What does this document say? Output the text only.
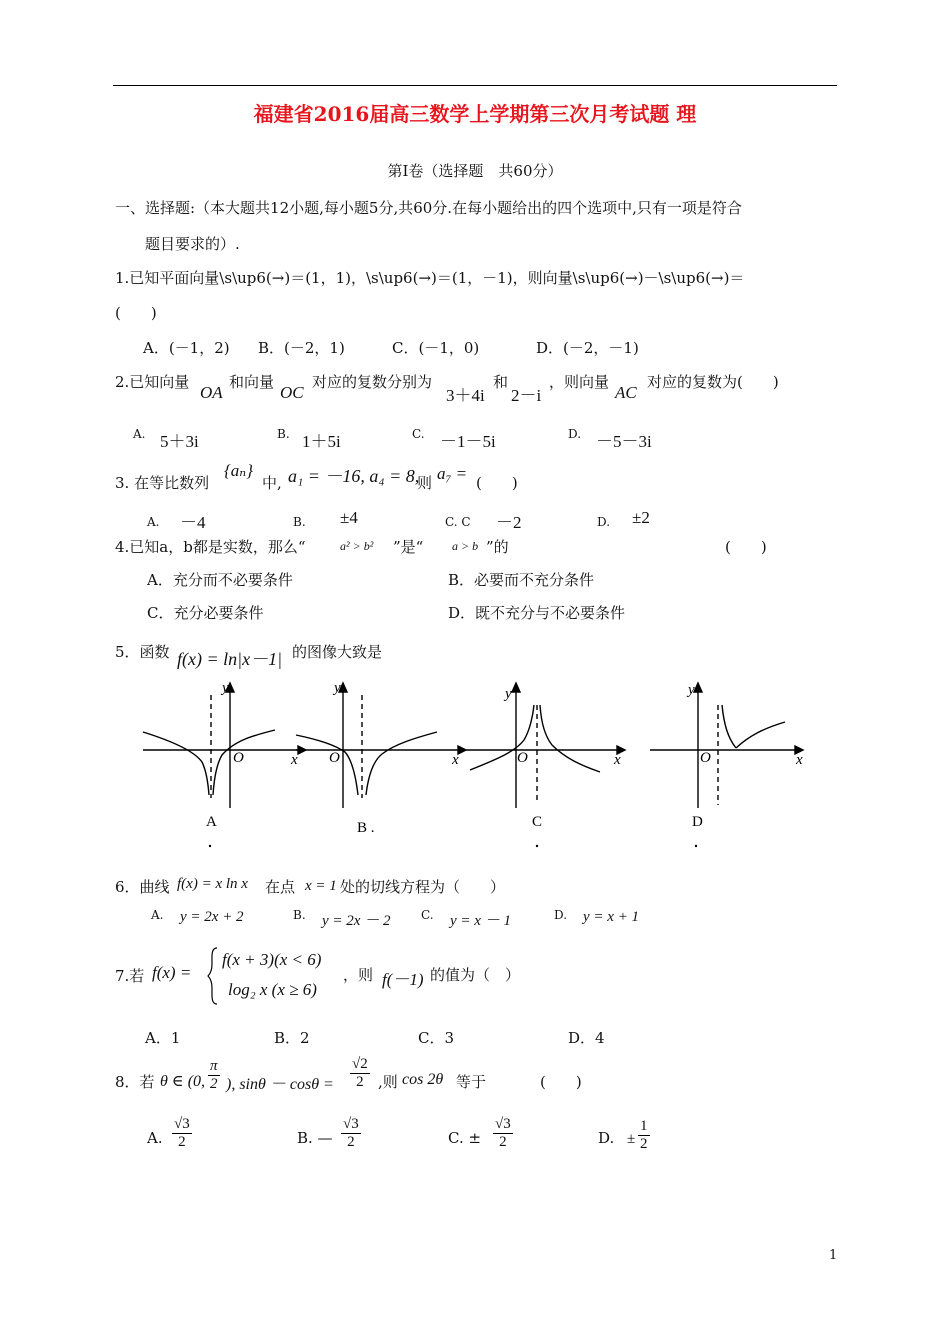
福建省2016届高三数学上学期第三次月考试题 理
第Ⅰ卷（选择题　共60分）
一、选择题:（本大题共12小题,每小题5分,共60分.在每小题给出的四个选项中,只有一项是符合
题目要求的）.
1.已知平面向量\s\up6(→)＝(1，1)，\s\up6(→)＝(1，－1)，则向量\s\up6(→)－\s\up6(→)＝
(　　)
A．(－1，2) B．(－2，1)	C．(－1，0)	D．(－2，－1)
2.已知向量
OA
和向量
OC
对应的复数分别为
3＋4i
和
2－i
，则向量
AC
对应的复数为(　　)
A. 5＋3i	B. 1＋5i	C. －1－5i	D. －5－3i
3. 在等比数列
{aₙ}
中, a₁ = －16, a₄ = 8,
则 a₇ = (　　)
A. －4	B. ±4	C. C －2	D. ±2
4.已知a，b都是实数，那么“	a² > b² ”是“ a > b ”的	(　　)
A．充分而不必要条件	B．必要而不充分条件
C．充分必要条件	D．既不充分与不必要条件
5．函数 f(x) = ln|x－1| 的图像大致是
y
x
O
y
x
O
y
x
O
y
x
O
A	B .	C	D
6．曲线 f(x) = x ln x 在点 x = 1 处的切线方程为（　　）
A. y = 2x + 2	B. y = 2x － 2	C. y = x － 1	D. y = x + 1
7.若 f(x) =
f(x + 3)(x < 6)
log₂ x (x ≥ 6)
，则 f(－1) 的值为（　）
A．1	B．2	C．3	D．4
8．若 θ ∈ (0, $\frac{\pi}{2}$ ), $\sin\theta - \cos\theta = \frac{√2}{2}$ ,则 cos 2θ 等于	(　　)
A. $\frac{√3}{2}$	B. — $\frac{√3}{2}$	C. ± $\frac{√3}{2}$	D. ± $\frac{1}{2}$
1
